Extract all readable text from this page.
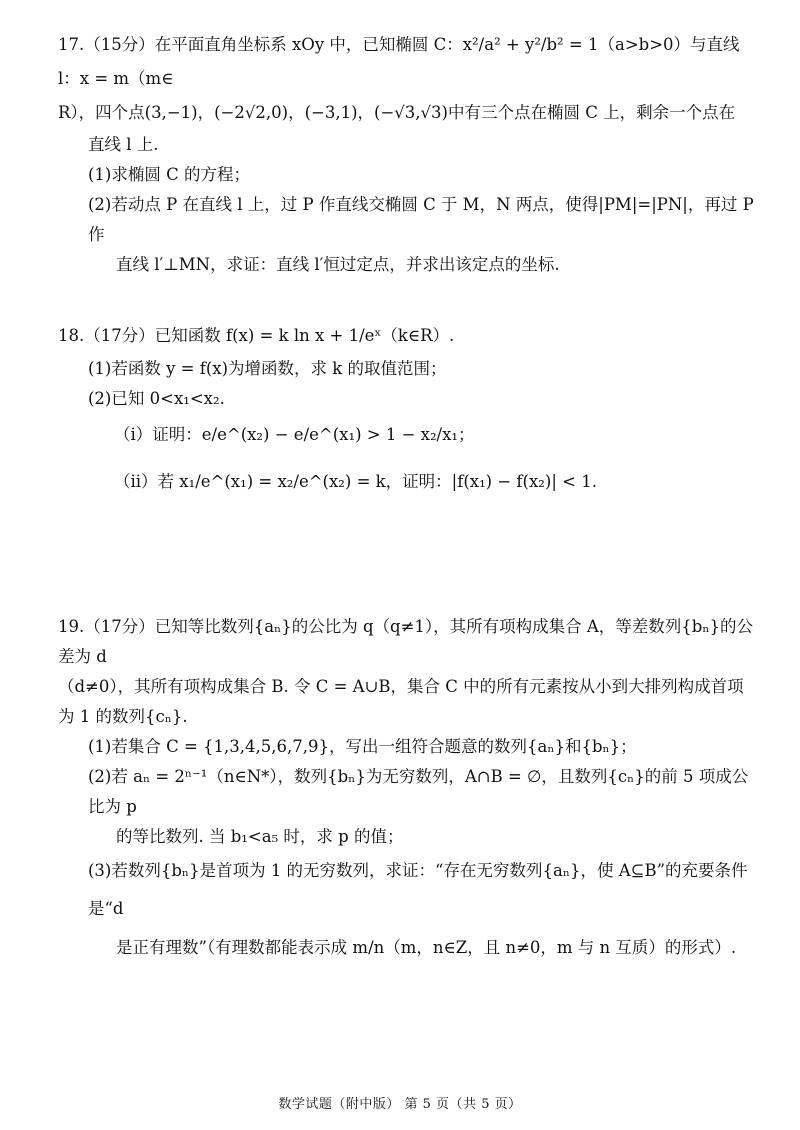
17.（15分）在平面直角坐标系 xOy 中，已知椭圆 C：x²/a² + y²/b² = 1（a>b>0）与直线 l：x = m（m∈

R），四个点(3,−1)，(−2√2,0)，(−3,1)，(−√3,√3)中有三个点在椭圆 C 上，剩余一个点在

直线 l 上.

(1)求椭圆 C 的方程；

(2)若动点 P 在直线 l 上，过 P 作直线交椭圆 C 于 M，N 两点，使得|PM|=|PN|，再过 P 作

直线 l′⊥MN，求证：直线 l′恒过定点，并求出该定点的坐标.

18.（17分）已知函数 f(x) = k ln x + 1/eˣ（k∈R）.

(1)若函数 y = f(x)为增函数，求 k 的取值范围；

(2)已知 0<x₁<x₂.

（ⅰ）证明：e/e^(x₂) − e/e^(x₁) > 1 − x₂/x₁；

（ⅱ）若 x₁/e^(x₁) = x₂/e^(x₂) = k，证明：|f(x₁) − f(x₂)| < 1.

19.（17分）已知等比数列{aₙ}的公比为 q（q≠1），其所有项构成集合 A，等差数列{bₙ}的公差为 d

（d≠0），其所有项构成集合 B. 令 C = A∪B，集合 C 中的所有元素按从小到大排列构成首项

为 1 的数列{cₙ}.

(1)若集合 C = {1,3,4,5,6,7,9}，写出一组符合题意的数列{aₙ}和{bₙ}；

(2)若 aₙ = 2ⁿ⁻¹（n∈N*），数列{bₙ}为无穷数列，A∩B = ∅，且数列{cₙ}的前 5 项成公比为 p

的等比数列. 当 b₁<a₅ 时，求 p 的值；

(3)若数列{bₙ}是首项为 1 的无穷数列，求证：“存在无穷数列{aₙ}，使 A⊆B”的充要条件是“d

是正有理数”（有理数都能表示成 m/n（m，n∈Z，且 n≠0，m 与 n 互质）的形式）.

数学试题（附中版） 第 5 页（共 5 页）
